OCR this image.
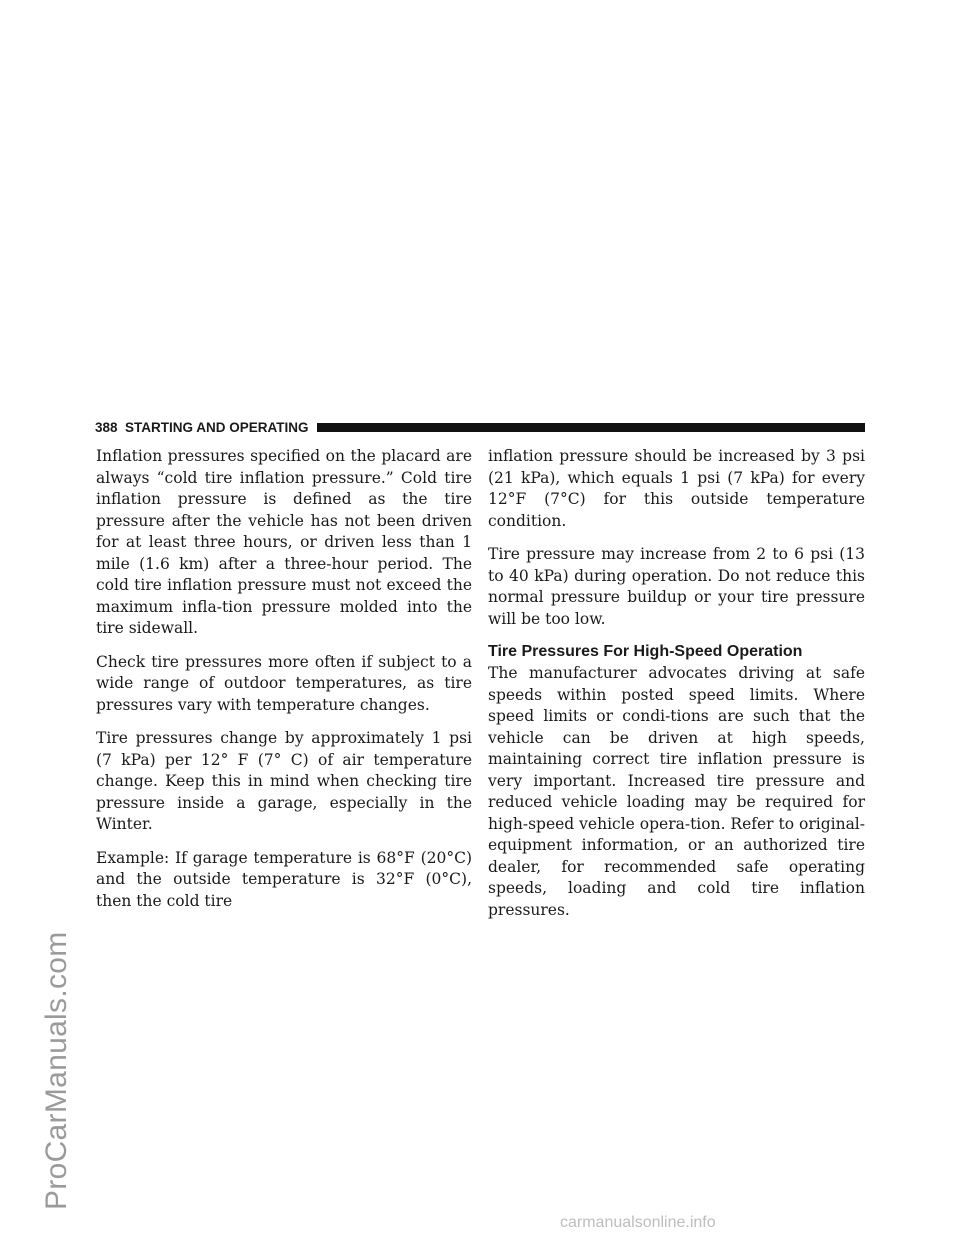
ProCarManuals.com
388 STARTING AND OPERATING

Inflation pressures specified on the placard are always “cold tire inflation pressure.” Cold tire inflation pressure is defined as the tire pressure after the vehicle has not been driven for at least three hours, or driven less than 1 mile (1.6 km) after a three-hour period. The cold tire inflation pressure must not exceed the maximum infla-tion pressure molded into the tire sidewall.

Check tire pressures more often if subject to a wide range of outdoor temperatures, as tire pressures vary with temperature changes.

Tire pressures change by approximately 1 psi (7 kPa) per 12° F (7° C) of air temperature change. Keep this in mind when checking tire pressure inside a garage, especially in the Winter.

Example: If garage temperature is 68°F (20°C) and the outside temperature is 32°F (0°C), then the cold tire

inflation pressure should be increased by 3 psi (21 kPa), which equals 1 psi (7 kPa) for every 12°F (7°C) for this outside temperature condition.

Tire pressure may increase from 2 to 6 psi (13 to 40 kPa) during operation. Do not reduce this normal pressure buildup or your tire pressure will be too low.

Tire Pressures For High-Speed Operation

The manufacturer advocates driving at safe speeds within posted speed limits. Where speed limits or condi-tions are such that the vehicle can be driven at high speeds, maintaining correct tire inflation pressure is very important. Increased tire pressure and reduced vehicle loading may be required for high-speed vehicle opera-tion. Refer to original-equipment information, or an authorized tire dealer, for recommended safe operating speeds, loading and cold tire inflation pressures.

carmanualsonline.info
